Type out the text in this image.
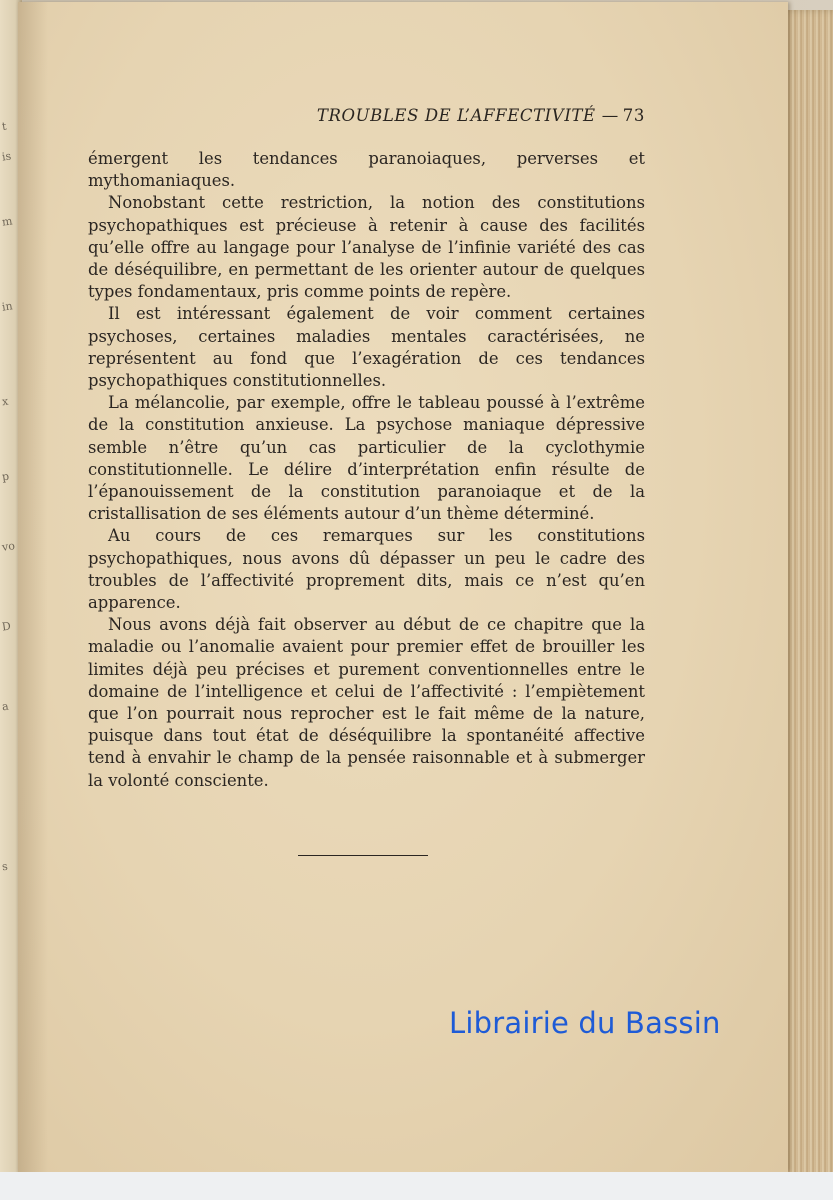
t
is
m
in
x
p
vo
D
a
s
TROUBLES DE L’AFFECTIVITÉ — 73

émergent les tendances paranoiaques, perverses et mythomaniaques.

Nonobstant cette restriction, la notion des constitutions psychopathiques est précieuse à retenir à cause des facilités qu’elle offre au langage pour l’analyse de l’infinie variété des cas de déséquilibre, en permettant de les orienter autour de quelques types fondamentaux, pris comme points de repère.

Il est intéressant également de voir comment certaines psychoses, certaines maladies mentales caractérisées, ne représentent au fond que l’exagération de ces tendances psychopathiques constitutionnelles.

La mélancolie, par exemple, offre le tableau poussé à l’extrême de la constitution anxieuse. La psychose maniaque dépressive semble n’être qu’un cas particulier de la cyclothymie constitutionnelle. Le délire d’interprétation enfin résulte de l’épanouissement de la constitution paranoiaque et de la cristallisation de ses éléments autour d’un thème déterminé.

Au cours de ces remarques sur les constitutions psychopathiques, nous avons dû dépasser un peu le cadre des troubles de l’affectivité proprement dits, mais ce n’est qu’en apparence.

Nous avons déjà fait observer au début de ce chapitre que la maladie ou l’anomalie avaient pour premier effet de brouiller les limites déjà peu précises et purement conventionnelles entre le domaine de l’intelligence et celui de l’affectivité : l’empiètement que l’on pourrait nous reprocher est le fait même de la nature, puisque dans tout état de déséquilibre la spontanéité affective tend à envahir le champ de la pensée raisonnable et à submerger la volonté consciente.

Librairie du Bassin
